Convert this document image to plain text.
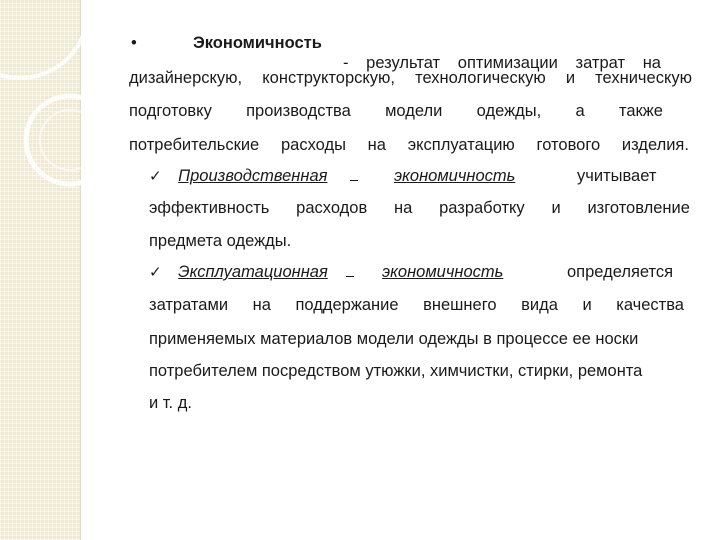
•	Экономичность
- результат оптимизации затрат на
дизайнерскую, конструкторскую, технологическую и техническую
подготовку производства модели одежды, а также
потребительские расходы на эксплуатацию готового изделия.
✓ Производственная	экономичность	учитывает
эффективность расходов на разработку и изготовление
предмета одежды.
✓ Эксплуатационная	экономичность	определяется
затратами на поддержание внешнего вида и качества
применяемых материалов модели одежды в процессе ее носки
потребителем посредством утюжки, химчистки, стирки, ремонта
и т. д.
